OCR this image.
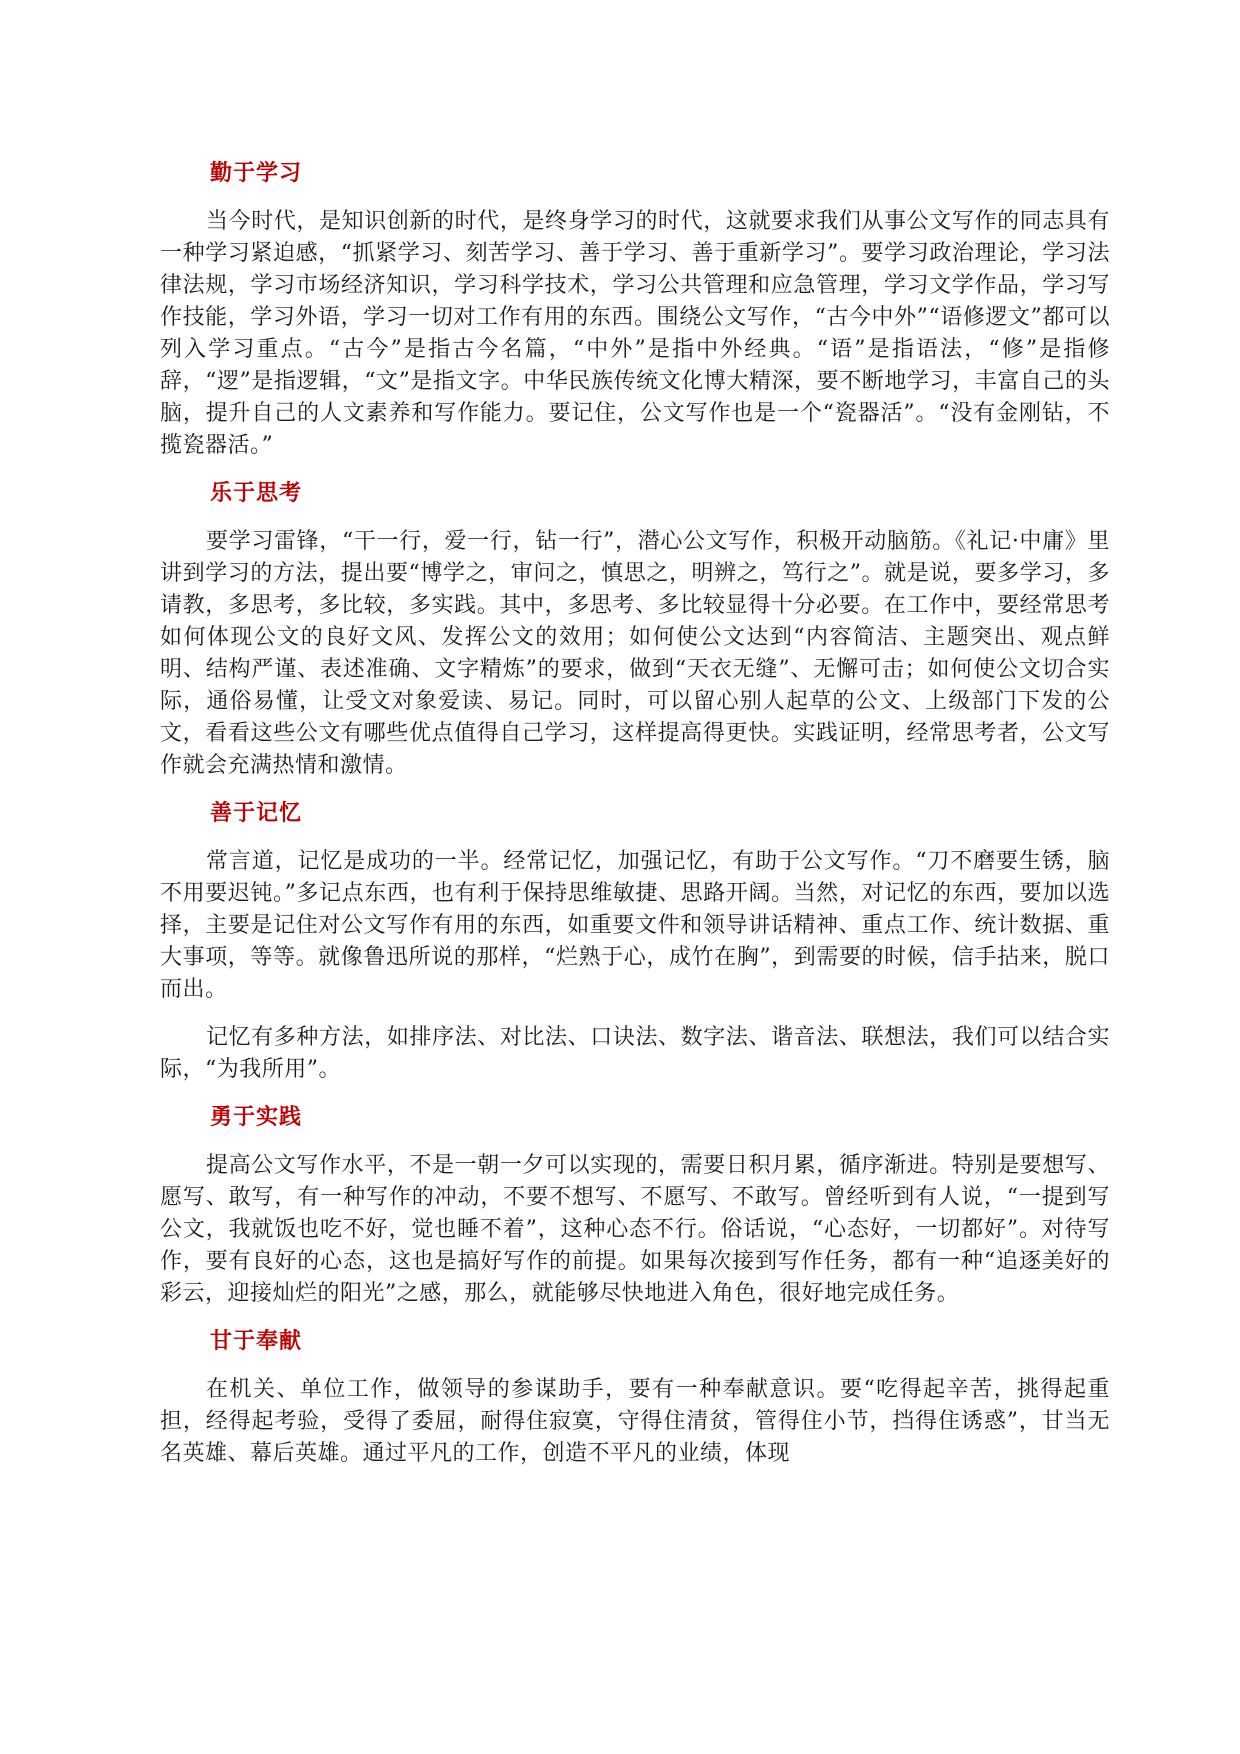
勤于学习

当今时代，是知识创新的时代，是终身学习的时代，这就要求我们从事公文写作的同志具有一种学习紧迫感，“抓紧学习、刻苦学习、善于学习、善于重新学习”。要学习政治理论，学习法律法规，学习市场经济知识，学习科学技术，学习公共管理和应急管理，学习文学作品，学习写作技能，学习外语，学习一切对工作有用的东西。围绕公文写作，“古今中外”“语修逻文”都可以列入学习重点。“古今”是指古今名篇，“中外”是指中外经典。“语”是指语法，“修”是指修辞，“逻”是指逻辑，“文”是指文字。中华民族传统文化博大精深，要不断地学习，丰富自己的头脑，提升自己的人文素养和写作能力。要记住，公文写作也是一个“瓷器活”。“没有金刚钻，不揽瓷器活。”

乐于思考

要学习雷锋，“干一行，爱一行，钻一行”，潜心公文写作，积极开动脑筋。《礼记·中庸》里讲到学习的方法，提出要“博学之，审问之，慎思之，明辨之，笃行之”。就是说，要多学习，多请教，多思考，多比较，多实践。其中，多思考、多比较显得十分必要。在工作中，要经常思考如何体现公文的良好文风、发挥公文的效用；如何使公文达到“内容简洁、主题突出、观点鲜明、结构严谨、表述准确、文字精炼”的要求，做到“天衣无缝”、无懈可击；如何使公文切合实际，通俗易懂，让受文对象爱读、易记。同时，可以留心别人起草的公文、上级部门下发的公文，看看这些公文有哪些优点值得自己学习，这样提高得更快。实践证明，经常思考者，公文写作就会充满热情和激情。

善于记忆

常言道，记忆是成功的一半。经常记忆，加强记忆，有助于公文写作。“刀不磨要生锈，脑不用要迟钝。”多记点东西，也有利于保持思维敏捷、思路开阔。当然，对记忆的东西，要加以选择，主要是记住对公文写作有用的东西，如重要文件和领导讲话精神、重点工作、统计数据、重大事项，等等。就像鲁迅所说的那样，“烂熟于心，成竹在胸”，到需要的时候，信手拈来，脱口而出。

记忆有多种方法，如排序法、对比法、口诀法、数字法、谐音法、联想法，我们可以结合实际，“为我所用”。

勇于实践

提高公文写作水平，不是一朝一夕可以实现的，需要日积月累，循序渐进。特别是要想写、愿写、敢写，有一种写作的冲动，不要不想写、不愿写、不敢写。曾经听到有人说，“一提到写公文，我就饭也吃不好，觉也睡不着”，这种心态不行。俗话说，“心态好，一切都好”。对待写作，要有良好的心态，这也是搞好写作的前提。如果每次接到写作任务，都有一种“追逐美好的彩云，迎接灿烂的阳光”之感，那么，就能够尽快地进入角色，很好地完成任务。

甘于奉献

在机关、单位工作，做领导的参谋助手，要有一种奉献意识。要“吃得起辛苦，挑得起重担，经得起考验，受得了委屈，耐得住寂寞，守得住清贫，管得住小节，挡得住诱惑”，甘当无名英雄、幕后英雄。通过平凡的工作，创造不平凡的业绩，体现
